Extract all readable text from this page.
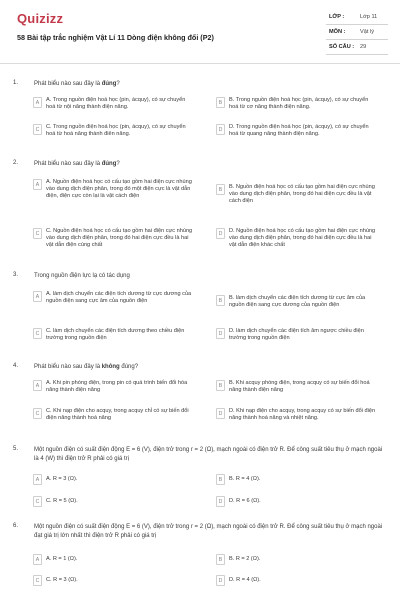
Quizizz
58 Bài tập trắc nghiệm Vật Lí 11 Dòng điện không đổi (P2)
LỚP :	Lớp 11
MÔN :	Vật lý
SỐ CÂU :	29
1.	Phát biểu nào sau đây là đúng?
A	A. Trong nguồn điện hoá học (pin, ácquy), có sự chuyển hoá từ nội năng thành điện năng.
B	B. Trong nguồn điện hoá học (pin, ácquy), có sự chuyển hoá từ cơ năng thành điện năng.
C	C. Trong nguồn điện hoá học (pin, ácquy), có sự chuyển hoá từ hoá năng thành điên năng.
D	D. Trong nguồn điện hoá học (pin, ácquy), có sự chuyển hoá từ quang năng thành điện năng.
2.	Phát biểu nào sau đây là đúng?
A	A. Nguồn điện hoá học có cấu tạo gồm hai điện cực nhúng vào dung dịch điện phân, trong đó một điện cực là vật dẫn điện, điện cực còn lại là vật cách điện
B	B. Nguồn điện hoá học có cấu tạo gồm hai điện cực nhúng vào dung dịch điện phân, trong đó hai điện cực đều là vật cách điện
C	C. Nguồn điện hoá học có cấu tạo gồm hai điện cực nhúng vào dung dịch điện phân, trong đó hai điện cực đều là hai vật dẫn điện cùng chất
D	D. Nguồn điện hoá học có cấu tạo gồm hai điện cực nhúng vào dung dịch điện phân, trong đó hai điện cực đều là hai vật dẫn điện khác chất
3.	Trong nguồn điện lực lạ có tác dụng
A	A. làm dịch chuyển các điện tích dương từ cực dương của nguồn điện sang cực âm của nguồn điện	B	B. làm dịch chuyển các điện tích dương từ cực âm của nguồn điện sang cực dương của nguồn điện
C	C. làm dịch chuyển các điện tích dương theo chiều điện trường trong nguồn điện
D	D. làm dịch chuyển các điện tích âm ngược chiều điện trường trong nguồn điện
4.	Phát biểu nào sau đây là không đúng?
A	A. Khi pin phóng điện, trong pin có quá trình biến đổi hóa năng thành điện năng
B	B. Khi acquy phóng điện, trong acquy có sự biến đổi hoá năng thành điện năng
C	C. Khi nạp điện cho acquy, trong acquy chỉ có sự biến đổi điện năng thành hoá năng
D	D. Khi nạp điện cho acquy, trong acquy có sự biến đổi điện năng thành hoá năng và nhiệt năng.
5.	Một nguồn điện có suất điện động E = 6 (V), điện trở trong r = 2 (Ω), mạch ngoài có điện trở R. Để công suất tiêu thụ ở mạch ngoài là 4 (W) thì điện trở R phải có giá trị
A	A. R = 3 (Ω).	B	B. R = 4 (Ω).
C	C. R = 5 (Ω).	D	D. R = 6 (Ω).
6.	Một nguồn điện có suất điện động E = 6 (V), điện trở trong r = 2 (Ω), mạch ngoài có điện trở R. Để công suất tiêu thụ ở mạch ngoài đạt giá trị lớn nhất thì điện trở R phải có giá trị
A	A. R = 1 (Ω).	B	B. R = 2 (Ω).
C	C. R = 3 (Ω).	D	D. R = 4 (Ω).
